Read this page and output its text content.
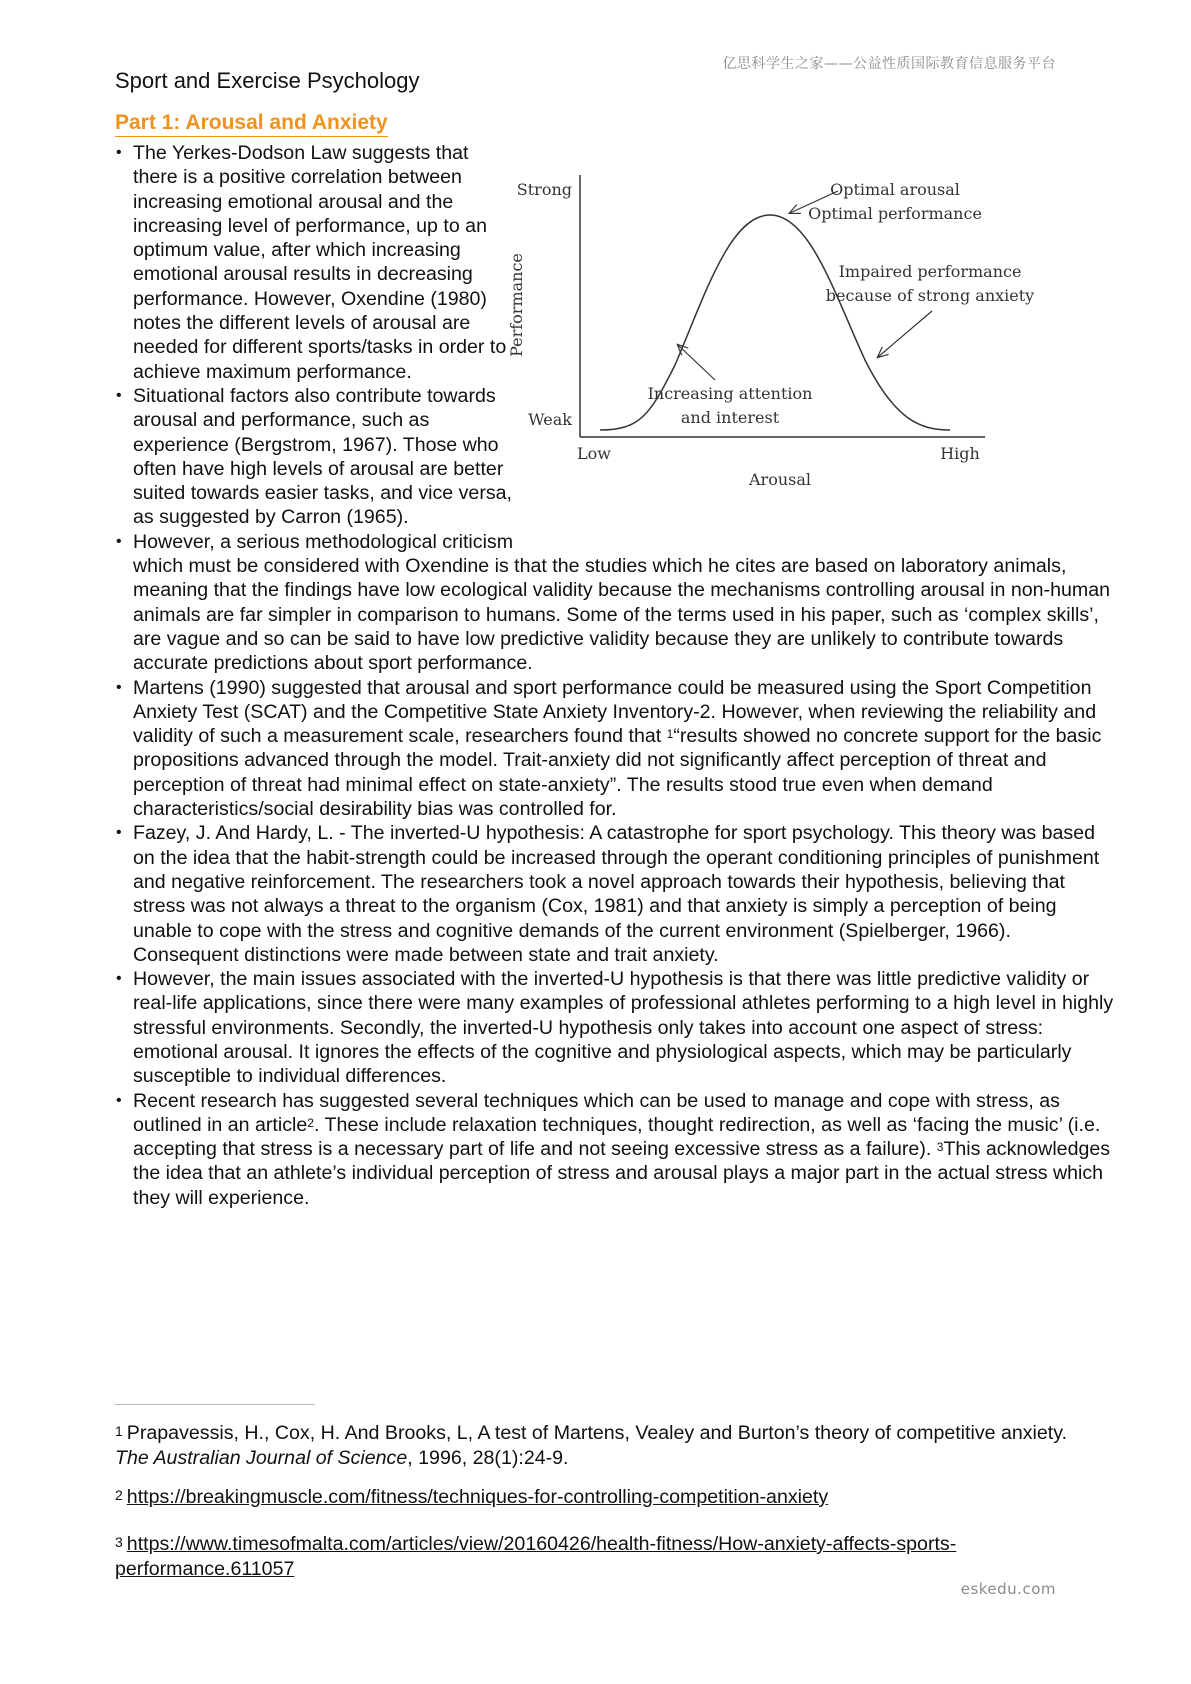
亿思科学生之家——公益性质国际教育信息服务平台
Sport and Exercise Psychology
Part 1: Arousal and Anxiety
Strong
Weak
Performance
Low	High
Arousal
Optimal arousal
Optimal performance
Impaired performance
because of strong anxiety
Increasing attention
and interest
• The Yerkes-Dodson Law suggests that there is a positive correlation between increasing emotional arousal and the increasing level of performance, up to an optimum value, after which increasing emotional arousal results in decreasing performance. However, Oxendine (1980) notes the different levels of arousal are needed for different sports/tasks in order to achieve maximum performance.
• Situational factors also contribute towards arousal and performance, such as experience (Bergstrom, 1967). Those who often have high levels of arousal are better suited towards easier tasks, and vice versa, as suggested by Carron (1965).
• However, a serious methodological criticism which must be considered with Oxendine is that the studies which he cites are based on laboratory animals, meaning that the findings have low ecological validity because the mechanisms controlling arousal in non-human animals are far simpler in comparison to humans. Some of the terms used in his paper, such as ‘complex skills’, are vague and so can be said to have low predictive validity because they are unlikely to contribute towards accurate predictions about sport performance.
• Martens (1990) suggested that arousal and sport performance could be measured using the Sport Competition Anxiety Test (SCAT) and the Competitive State Anxiety Inventory-2. However, when reviewing the reliability and validity of such a measurement scale, researchers found that $^1$“results showed no concrete support for the basic propositions advanced through the model. Trait-anxiety did not significantly affect perception of threat and perception of threat had minimal effect on state-anxiety”. The results stood true even when demand characteristics/social desirability bias was controlled for.
• Fazey, J. And Hardy, L. - The inverted-U hypothesis: A catastrophe for sport psychology. This theory was based on the idea that the habit-strength could be increased through the operant conditioning principles of punishment and negative reinforcement. The researchers took a novel approach towards their hypothesis, believing that stress was not always a threat to the organism (Cox, 1981) and that anxiety is simply a perception of being unable to cope with the stress and cognitive demands of the current environment (Spielberger, 1966). Consequent distinctions were made between state and trait anxiety.
• However, the main issues associated with the inverted-U hypothesis is that there was little predictive validity or real-life applications, since there were many examples of professional athletes performing to a high level in highly stressful environments. Secondly, the inverted-U hypothesis only takes into account one aspect of stress: emotional arousal. It ignores the effects of the cognitive and physiological aspects, which may be particularly susceptible to individual differences.
• Recent research has suggested several techniques which can be used to manage and cope with stress, as outlined in an article$^2$. These include relaxation techniques, thought redirection, as well as ‘facing the music’ (i.e. accepting that stress is a necessary part of life and not seeing excessive stress as a failure). $^3$This acknowledges the idea that an athlete’s individual perception of stress and arousal plays a major part in the actual stress which they will experience.
$^1$ Prapavessis, H., Cox, H. And Brooks, L, A test of Martens, Vealey and Burton’s theory of competitive anxiety. The Australian Journal of Science, 1996, 28(1):24-9.
$^2$ https://breakingmuscle.com/fitness/techniques-for-controlling-competition-anxiety
$^3$ https://www.timesofmalta.com/articles/view/20160426/health-fitness/How-anxiety-affects-sports-performance.611057
eskedu.com
